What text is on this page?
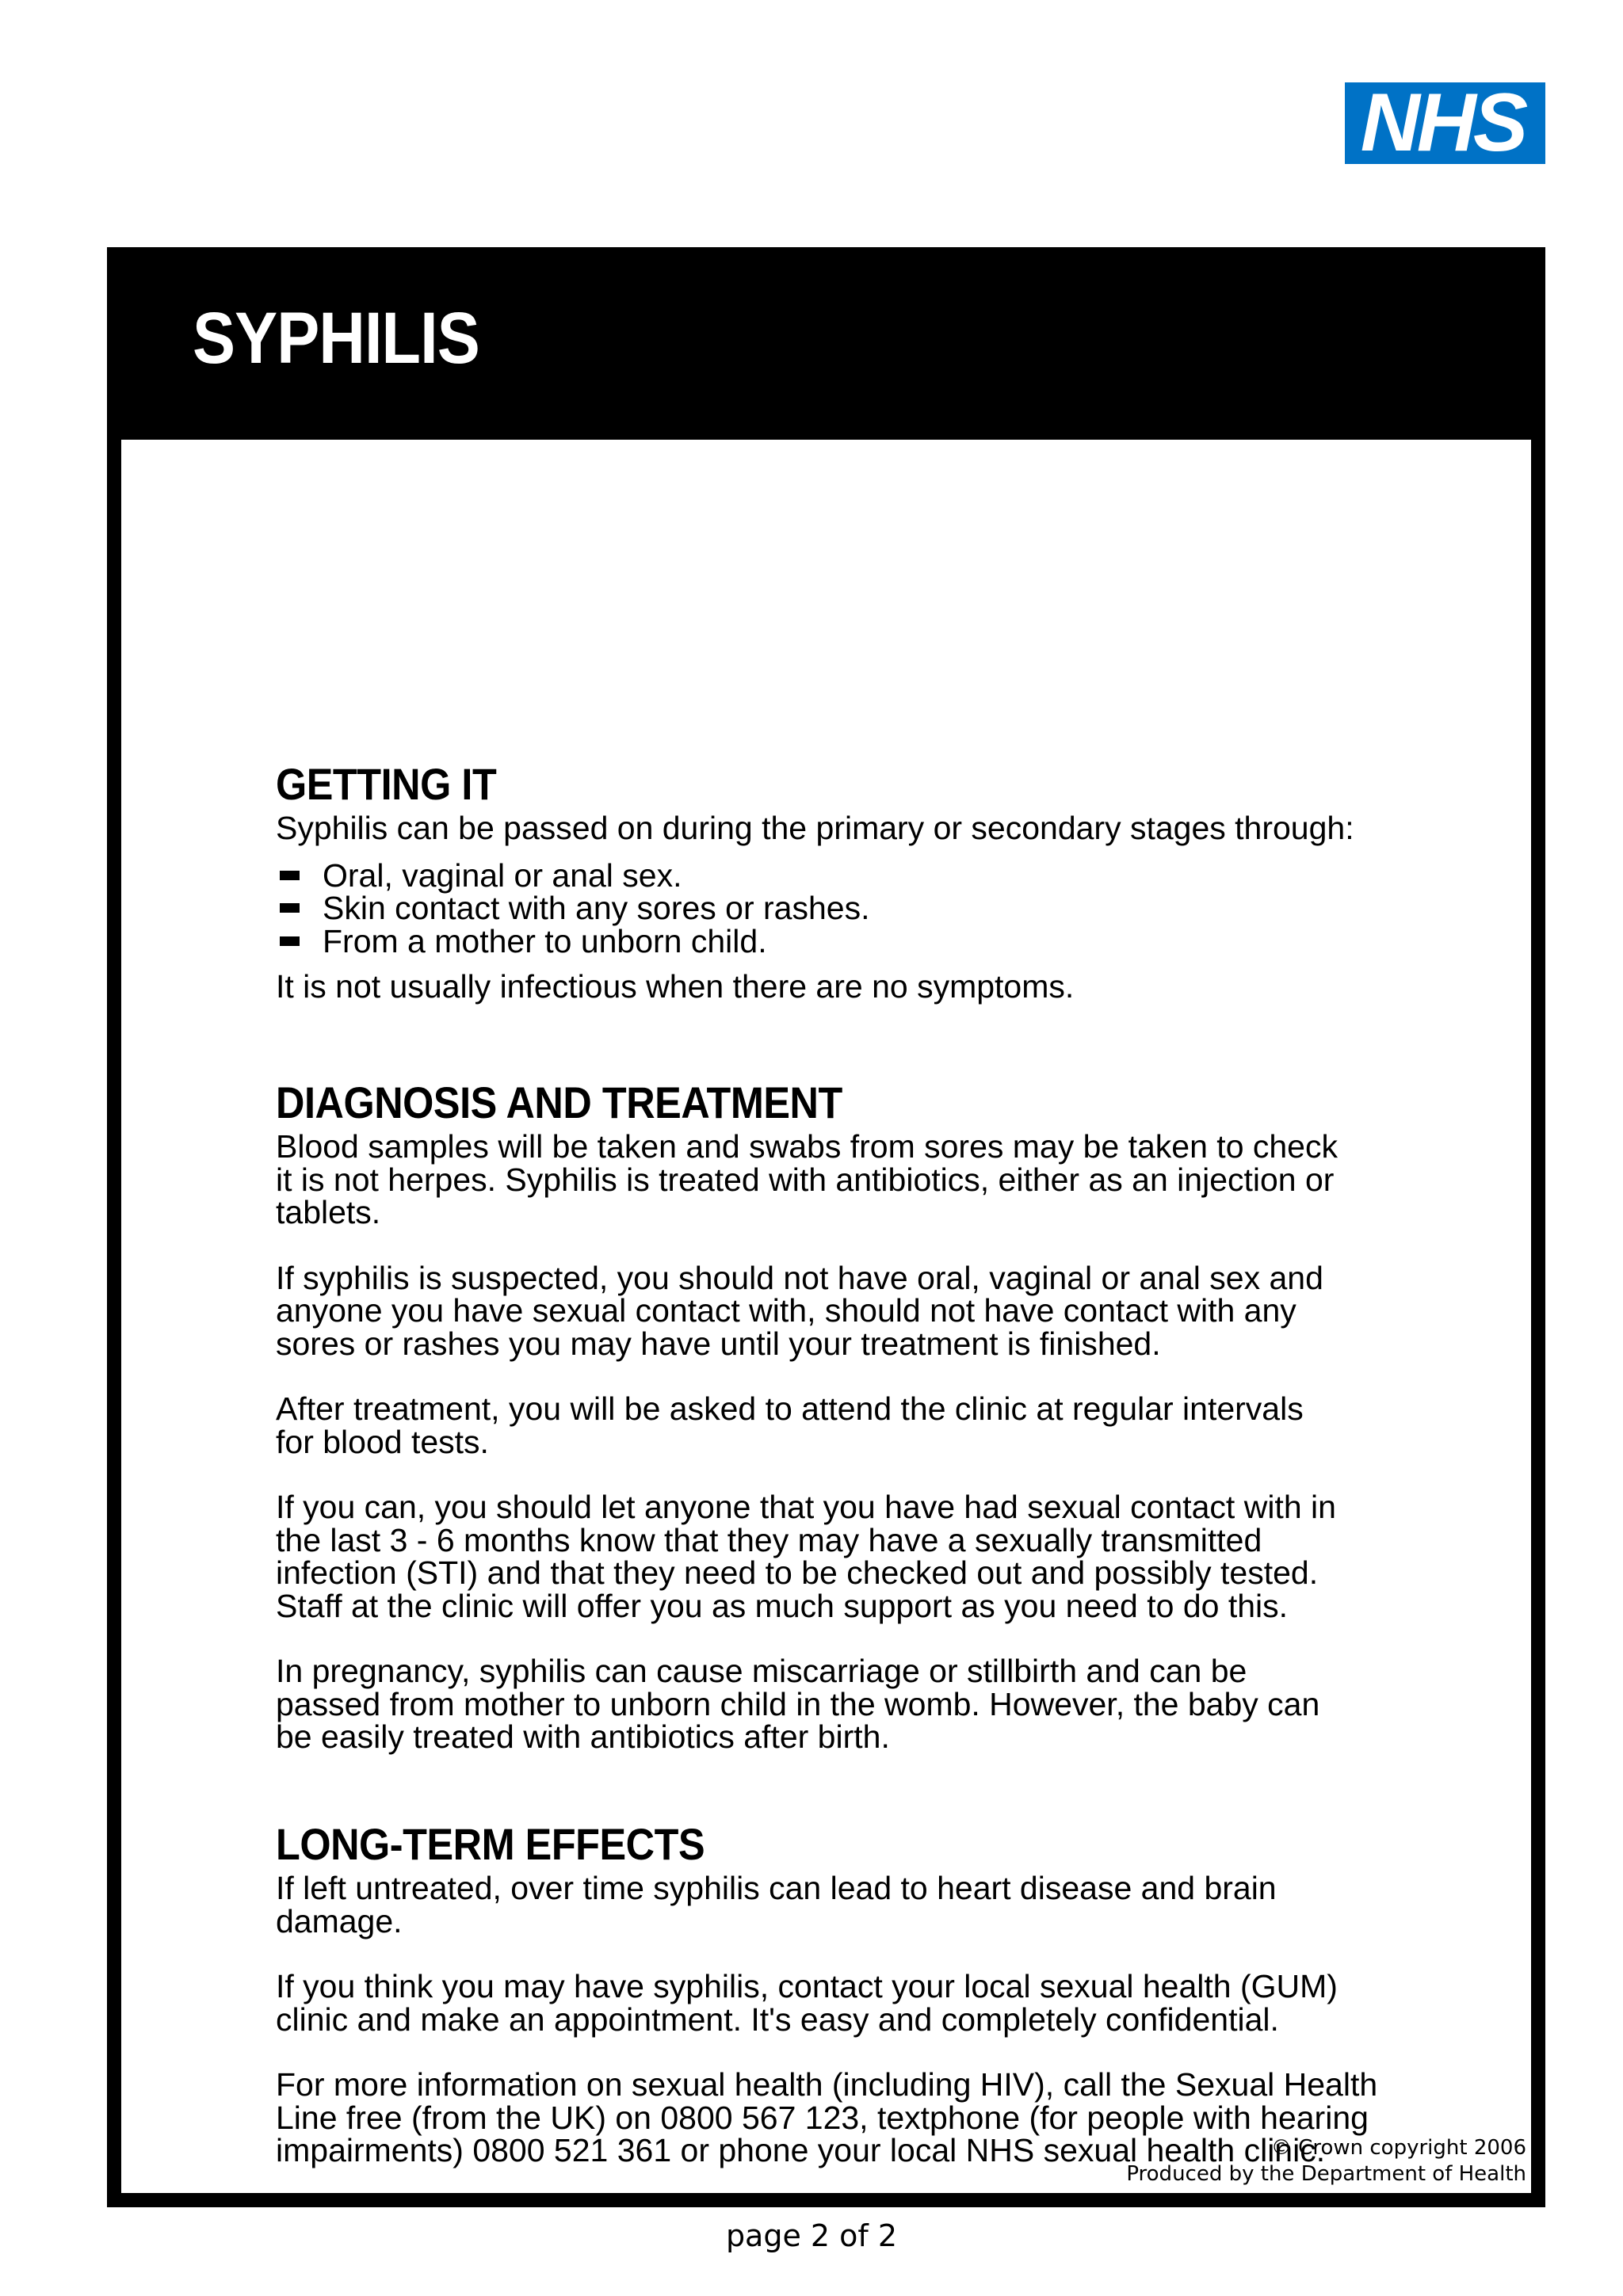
NHS
SYPHILIS
GETTING IT

Syphilis can be passed on during the primary or secondary stages through:

Oral, vaginal or anal sex.
Skin contact with any sores or rashes.
From a mother to unborn child.

It is not usually infectious when there are no symptoms.

DIAGNOSIS AND TREATMENT

Blood samples will be taken and swabs from sores may be taken to check
it is not herpes. Syphilis is treated with antibiotics, either as an injection or
tablets.

If syphilis is suspected, you should not have oral, vaginal or anal sex and
anyone you have sexual contact with, should not have contact with any
sores or rashes you may have until your treatment is finished.

After treatment, you will be asked to attend the clinic at regular intervals
for blood tests.

If you can, you should let anyone that you have had sexual contact with in
the last 3 - 6 months know that they may have a sexually transmitted
infection (STI) and that they need to be checked out and possibly tested.
Staff at the clinic will offer you as much support as you need to do this.

In pregnancy, syphilis can cause miscarriage or stillbirth and can be
passed from mother to unborn child in the womb. However, the baby can
be easily treated with antibiotics after birth.

LONG-TERM EFFECTS

If left untreated, over time syphilis can lead to heart disease and brain
damage.

If you think you may have syphilis, contact your local sexual health (GUM)
clinic and make an appointment. It's easy and completely confidential.

For more information on sexual health (including HIV), call the Sexual Health
Line free (from the UK) on 0800 567 123, textphone (for people with hearing
impairments) 0800 521 361 or phone your local NHS sexual health clinic.

© Crown copyright 2006
Produced by the Department of Health
page 2 of 2
